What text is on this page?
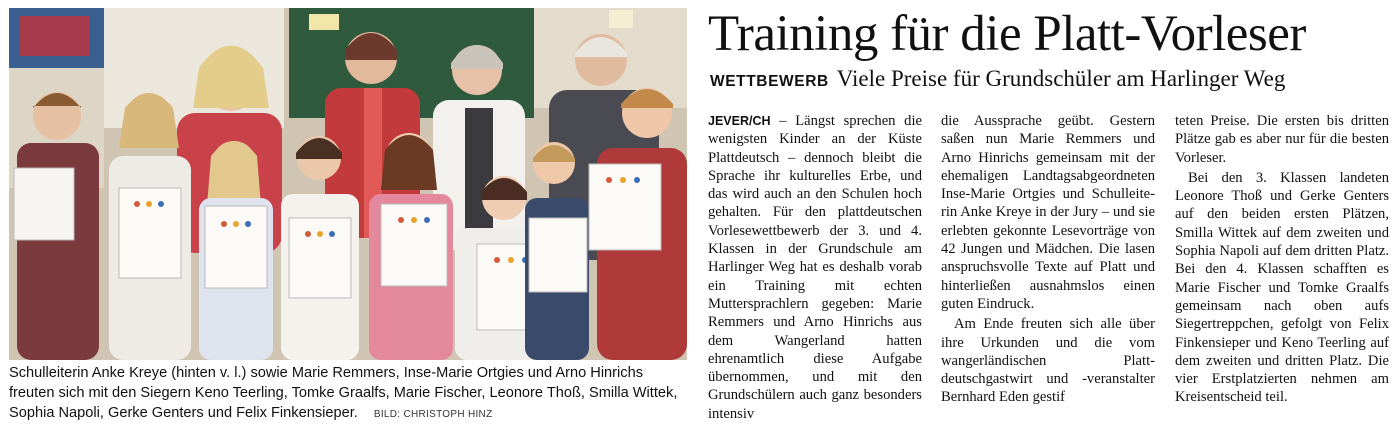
Schulleiterin Anke Kreye (hinten v. l.) sowie Marie Remmers, Inse-Marie Ortgies und Arno Hinrichs freuten sich mit den Siegern Keno Teerling, Tomke Graalfs, Marie Fischer, Leonore Thoß, Smilla Wittek, Sophia Napoli, Gerke Genters und Felix Finkensieper. BILD: CHRISTOPH HINZ
Training für die Platt-Vorleser
WETTBEWERB Viele Preise für Grundschüler am Harlinger Weg

JEVER/CH – Längst sprechen die wenigsten Kinder an der Küste Plattdeutsch – dennoch bleibt die Sprache ihr kulturelles Erbe, und das wird auch an den Schulen hoch gehalten. Für den plattdeutschen Vorlesewettbewerb der 3. und 4. Klassen in der Grundschule am Harlinger Weg hat es deshalb vorab ein Training mit echten Muttersprachlern gegeben: Marie Remmers und Arno Hinrichs aus dem Wangerland hatten ehrenamtlich diese Aufgabe übernommen, und mit den Grundschülern auch ganz besonders intensiv

die Aussprache geübt. Gestern saßen nun Marie Remmers und Arno Hinrichs gemeinsam mit der ehemaligen Landtagsabgeordneten Inse-Marie Ortgies und Schulleiterin Anke Kreye in der Jury – und sie erlebten gekonnte Lesevorträge von 42 Jungen und Mädchen. Die lasen anspruchsvolle Texte auf Platt und hinterließen ausnahmslos einen guten Eindruck.

Am Ende freuten sich alle über ihre Urkunden und die vom wangerländischen Plattdeutschgastwirt und -veranstalter Bernhard Eden gestif

teten Preise. Die ersten bis dritten Plätze gab es aber nur für die besten Vorleser.

Bei den 3. Klassen landeten Leonore Thoß und Gerke Genters auf den beiden ersten Plätzen, Smilla Wittek auf dem zweiten und Sophia Napoli auf dem dritten Platz. Bei den 4. Klassen schafften es Marie Fischer und Tomke Graalfs gemeinsam nach oben aufs Siegertreppchen, gefolgt von Felix Finkensieper und Keno Teerling auf dem zweiten und dritten Platz. Die vier Erstplatzierten nehmen am Kreisentscheid teil.
